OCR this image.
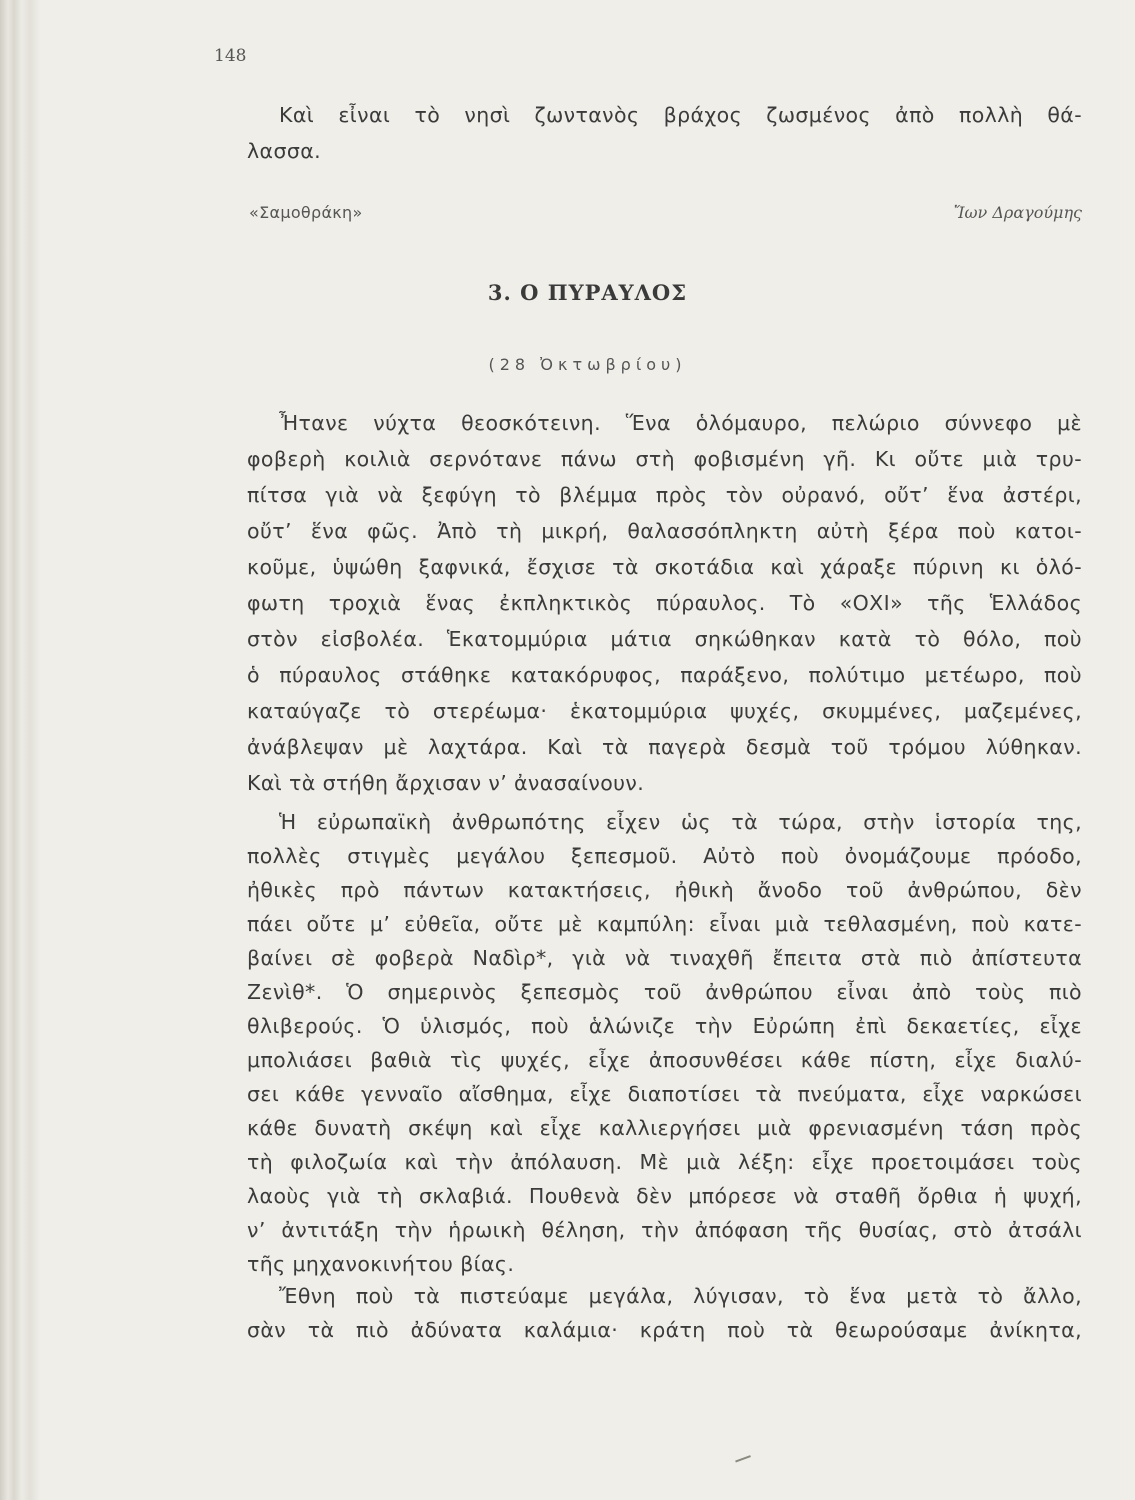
148
Καὶ εἶναι τὸ νησὶ ζωντανὸς βράχος ζωσμένος ἀπὸ πολλὴ θά-
λασσα.
«Σαμοθράκη»	Ἴων Δραγούμης
3. Ο ΠΥΡΑΥΛΟΣ
(28 Ὀκτωβρίου)
Ἦτανε νύχτα θεοσκότεινη. Ἕνα ὁλόμαυρο, πελώριο σύννεφο μὲ
φοβερὴ κοιλιὰ σερνότανε πάνω στὴ φοβισμένη γῆ. Κι οὔτε μιὰ τρυ-
πίτσα γιὰ νὰ ξεφύγη τὸ βλέμμα πρὸς τὸν οὐρανό, οὔτ’ ἕνα ἀστέρι,
οὔτ’ ἕνα φῶς. Ἀπὸ τὴ μικρή, θαλασσόπληκτη αὐτὴ ξέρα ποὺ κατοι-
κοῦμε, ὑψώθη ξαφνικά, ἔσχισε τὰ σκοτάδια καὶ χάραξε πύρινη κι ὁλό-
φωτη τροχιὰ ἕνας ἐκπληκτικὸς πύραυλος. Τὸ «ΟΧΙ» τῆς Ἑλλάδος
στὸν εἰσβολέα. Ἑκατομμύρια μάτια σηκώθηκαν κατὰ τὸ θόλο, ποὺ
ὁ πύραυλος στάθηκε κατακόρυφος, παράξενο, πολύτιμο μετέωρο, ποὺ
καταύγαζε τὸ στερέωμα· ἑκατομμύρια ψυχές, σκυμμένες, μαζεμένες,
ἀνάβλεψαν μὲ λαχτάρα. Καὶ τὰ παγερὰ δεσμὰ τοῦ τρόμου λύθηκαν.
Καὶ τὰ στήθη ἄρχισαν ν’ ἀνασαίνουν.
Ἡ εὐρωπαϊκὴ ἀνθρωπότης εἶχεν ὡς τὰ τώρα, στὴν ἱστορία της,
πολλὲς στιγμὲς μεγάλου ξεπεσμοῦ. Αὐτὸ ποὺ ὀνομάζουμε πρόοδο,
ἠθικὲς πρὸ πάντων κατακτήσεις, ἠθικὴ ἄνοδο τοῦ ἀνθρώπου, δὲν
πάει οὔτε μ’ εὐθεῖα, οὔτε μὲ καμπύλη: εἶναι μιὰ τεθλασμένη, ποὺ κατε-
βαίνει σὲ φοβερὰ Ναδὶρ*, γιὰ νὰ τιναχθῆ ἔπειτα στὰ πιὸ ἀπίστευτα
Ζενὶθ*. Ὁ σημερινὸς ξεπεσμὸς τοῦ ἀνθρώπου εἶναι ἀπὸ τοὺς πιὸ
θλιβερούς. Ὁ ὑλισμός, ποὺ ἁλώνιζε τὴν Εὐρώπη ἐπὶ δεκαετίες, εἶχε
μπολιάσει βαθιὰ τὶς ψυχές, εἶχε ἀποσυνθέσει κάθε πίστη, εἶχε διαλύ-
σει κάθε γενναῖο αἴσθημα, εἶχε διαποτίσει τὰ πνεύματα, εἶχε ναρκώσει
κάθε δυνατὴ σκέψη καὶ εἶχε καλλιεργήσει μιὰ φρενιασμένη τάση πρὸς
τὴ φιλοζωία καὶ τὴν ἀπόλαυση. Μὲ μιὰ λέξη: εἶχε προετοιμάσει τοὺς
λαοὺς γιὰ τὴ σκλαβιά. Πουθενὰ δὲν μπόρεσε νὰ σταθῆ ὄρθια ἡ ψυχή,
ν’ ἀντιτάξη τὴν ἡρωικὴ θέληση, τὴν ἀπόφαση τῆς θυσίας, στὸ ἀτσάλι
τῆς μηχανοκινήτου βίας.
Ἔθνη ποὺ τὰ πιστεύαμε μεγάλα, λύγισαν, τὸ ἕνα μετὰ τὸ ἄλλο,
σὰν τὰ πιὸ ἀδύνατα καλάμια· κράτη ποὺ τὰ θεωρούσαμε ἀνίκητα,
